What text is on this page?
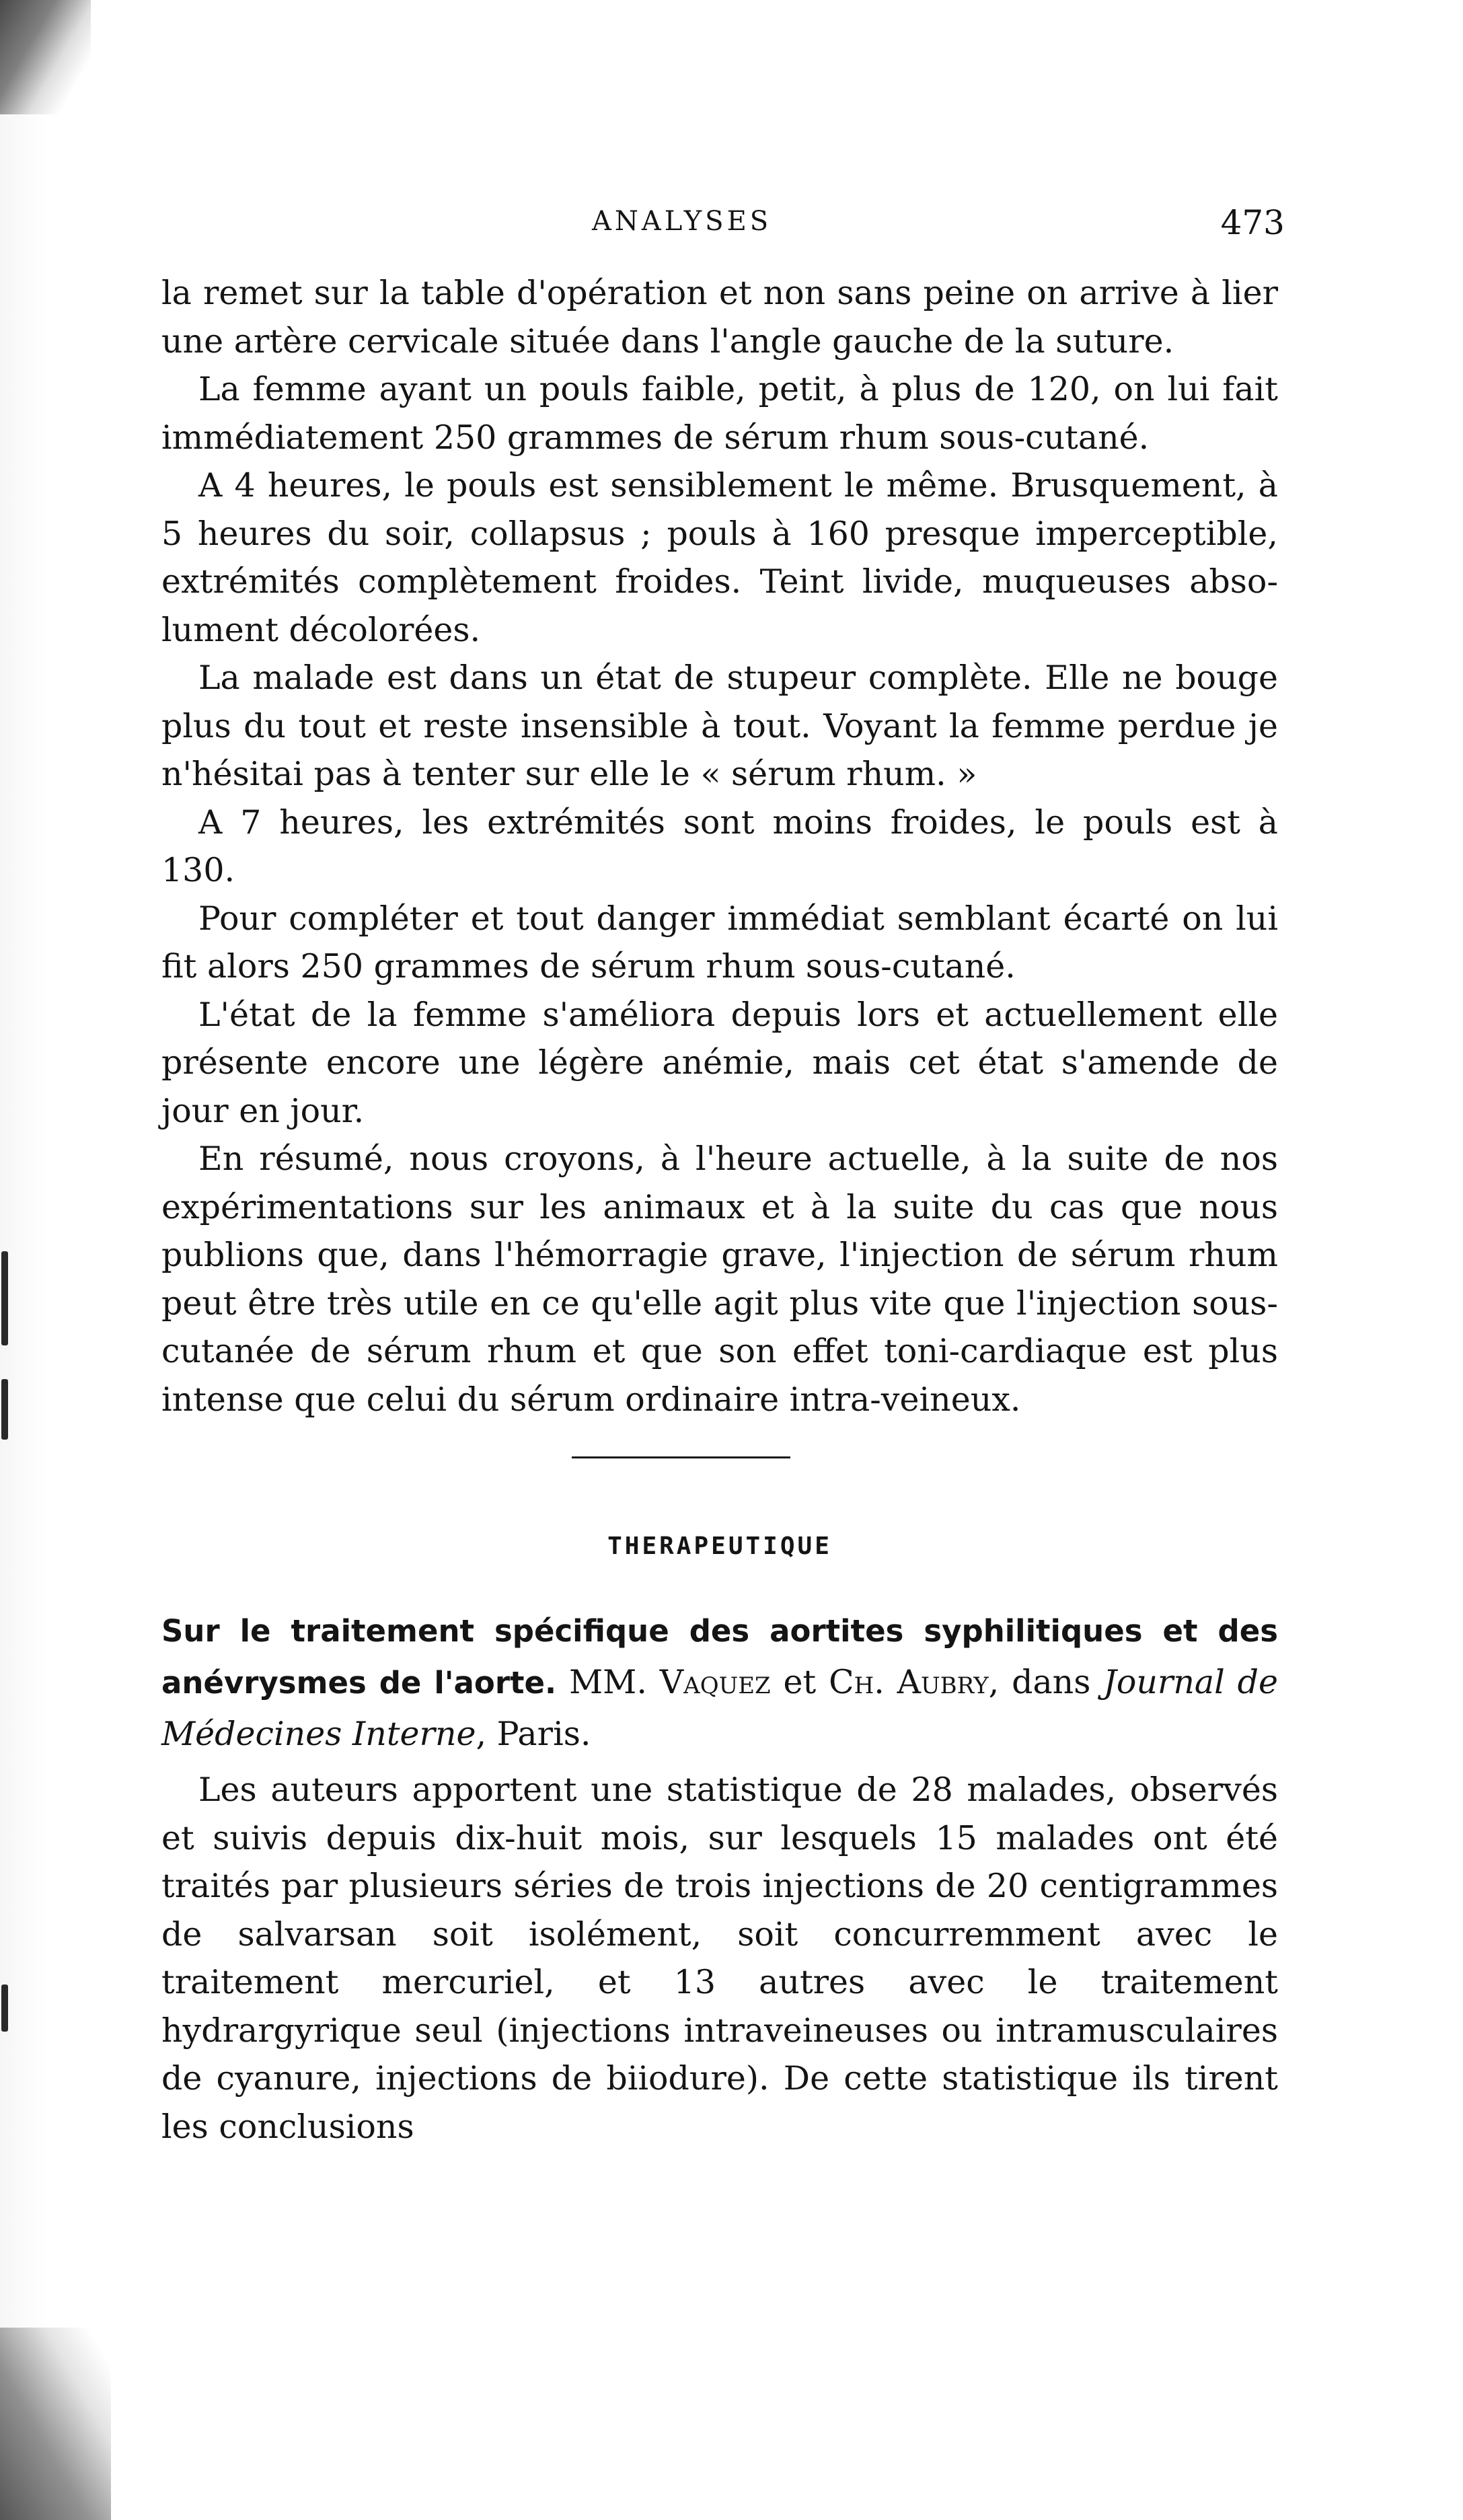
ANALYSES	473

la remet sur la table d'opération et non sans peine on arrive à lier une artère cervicale située dans l'angle gauche de la suture.

La femme ayant un pouls faible, petit, à plus de 120, on lui fait immédiatement 250 grammes de sérum rhum sous-cutané.

A 4 heures, le pouls est sensiblement le même. Brusquement, à 5 heures du soir, collapsus ; pouls à 160 presque imperceptible, extrémités complètement froides. Teint livide, muqueuses absolument décolorées.

La malade est dans un état de stupeur complète. Elle ne bouge plus du tout et reste insensible à tout. Voyant la femme perdue je n'hésitai pas à tenter sur elle le « sérum rhum. »

A 7 heures, les extrémités sont moins froides, le pouls est à 130.

Pour compléter et tout danger immédiat semblant écarté on lui fit alors 250 grammes de sérum rhum sous-cutané.

L'état de la femme s'améliora depuis lors et actuellement elle présente encore une légère anémie, mais cet état s'amende de jour en jour.

En résumé, nous croyons, à l'heure actuelle, à la suite de nos expérimentations sur les animaux et à la suite du cas que nous publions que, dans l'hémorragie grave, l'injection de sérum rhum peut être très utile en ce qu'elle agit plus vite que l'injection sous-cutanée de sérum rhum et que son effet toni-cardiaque est plus intense que celui du sérum ordinaire intra-veineux.

THERAPEUTIQUE
Sur le traitement spécifique des aortites syphilitiques et des anévrysmes de l'aorte. MM. Vaquez et Ch. Aubry, dans Journal de Médecines Interne, Paris.

Les auteurs apportent une statistique de 28 malades, observés et suivis depuis dix-huit mois, sur lesquels 15 malades ont été traités par plusieurs séries de trois injections de 20 centigrammes de salvarsan soit isolément, soit concurremment avec le traitement mercuriel, et 13 autres avec le traitement hydrargyrique seul (injections intraveineuses ou intramusculaires de cyanure, injections de biiodure). De cette statistique ils tirent les conclusions
